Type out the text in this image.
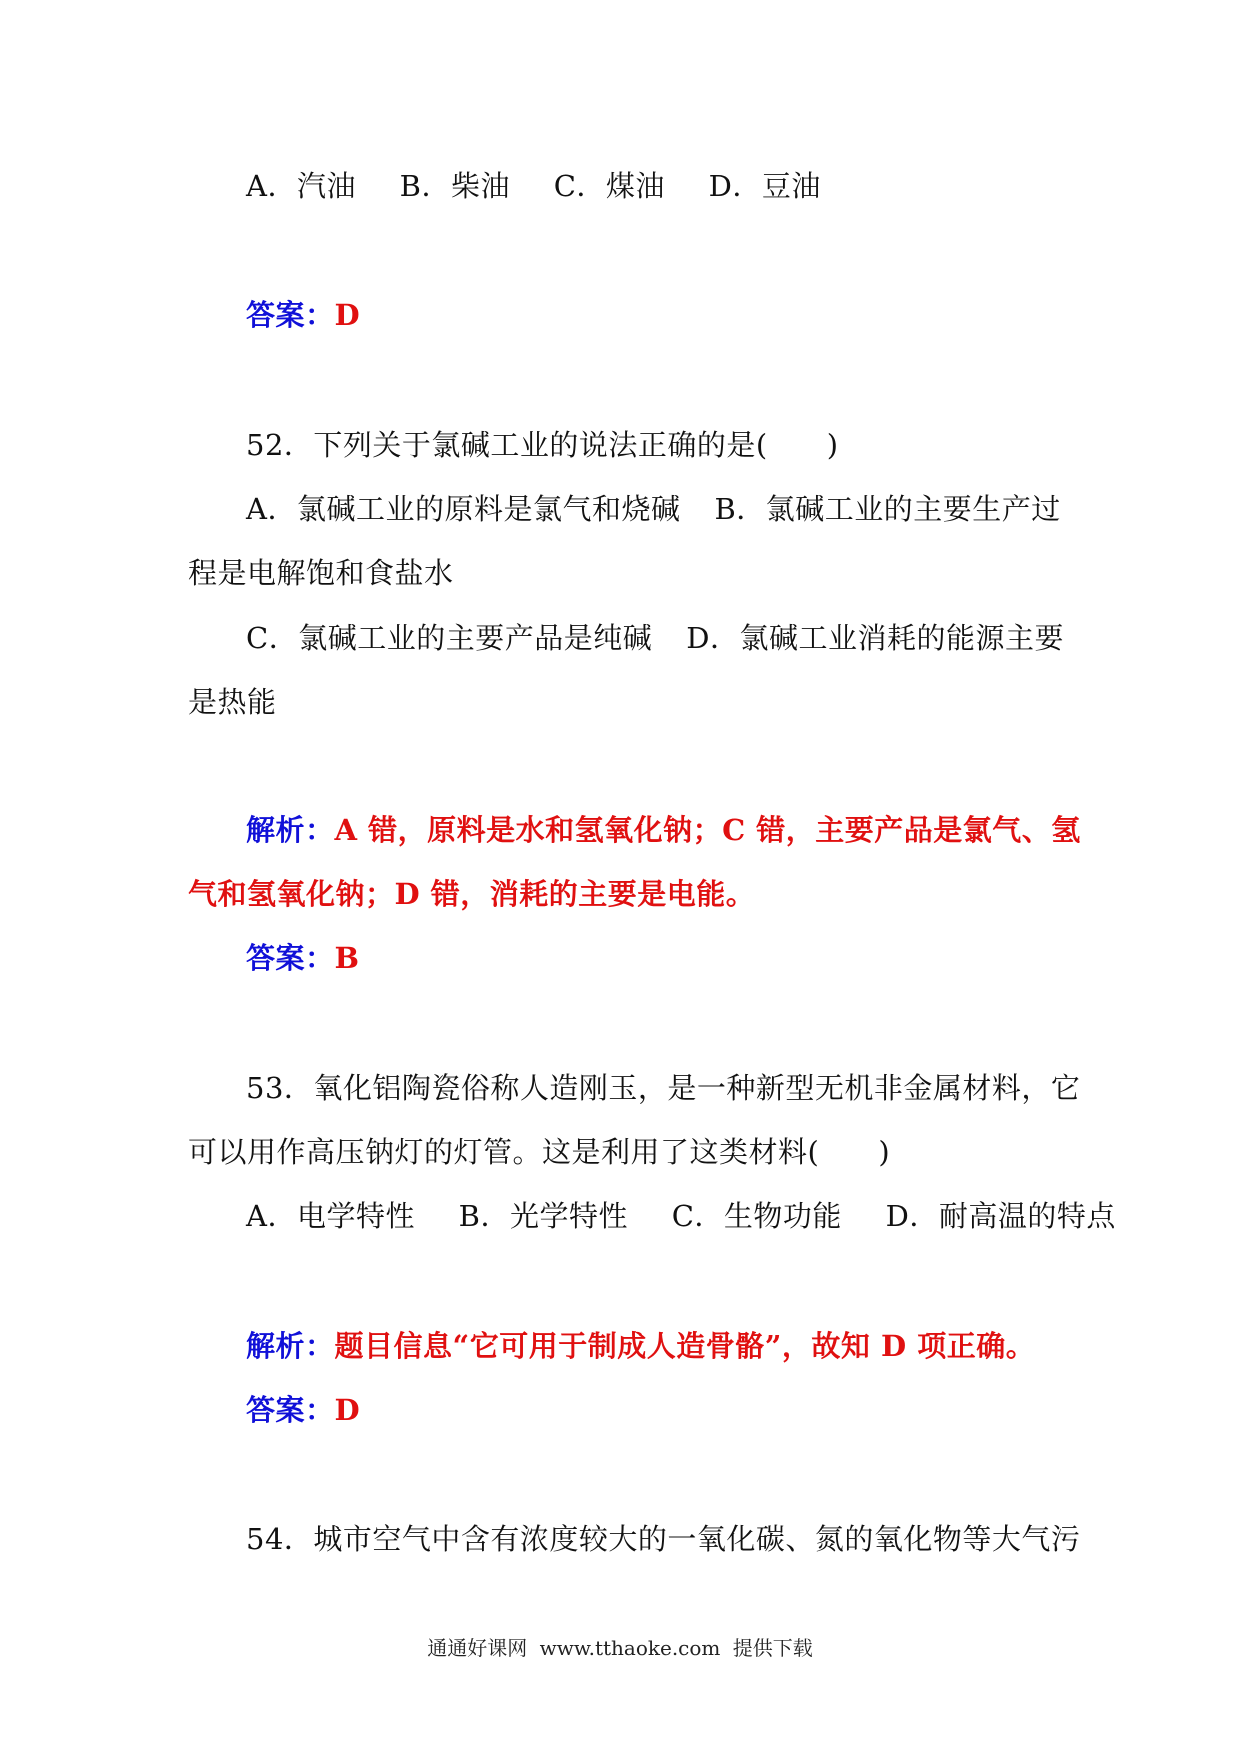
A．汽油 B．柴油 C．煤油 D．豆油
答案：D
52．下列关于氯碱工业的说法正确的是(　　)
A．氯碱工业的原料是氯气和烧碱 B．氯碱工业的主要生产过
程是电解饱和食盐水
C．氯碱工业的主要产品是纯碱 D．氯碱工业消耗的能源主要
是热能
解析：A 错，原料是水和氢氧化钠；C 错，主要产品是氯气、氢
气和氢氧化钠；D 错，消耗的主要是电能。
答案：B
53．氧化铝陶瓷俗称人造刚玉，是一种新型无机非金属材料，它
可以用作高压钠灯的灯管。这是利用了这类材料(　　)
A．电学特性 B．光学特性 C．生物功能 D．耐高温的特点
解析：题目信息“它可用于制成人造骨骼”，故知 D 项正确。
答案：D
54．城市空气中含有浓度较大的一氧化碳、氮的氧化物等大气污
通通好课网 www.tthaoke.com 提供下载
